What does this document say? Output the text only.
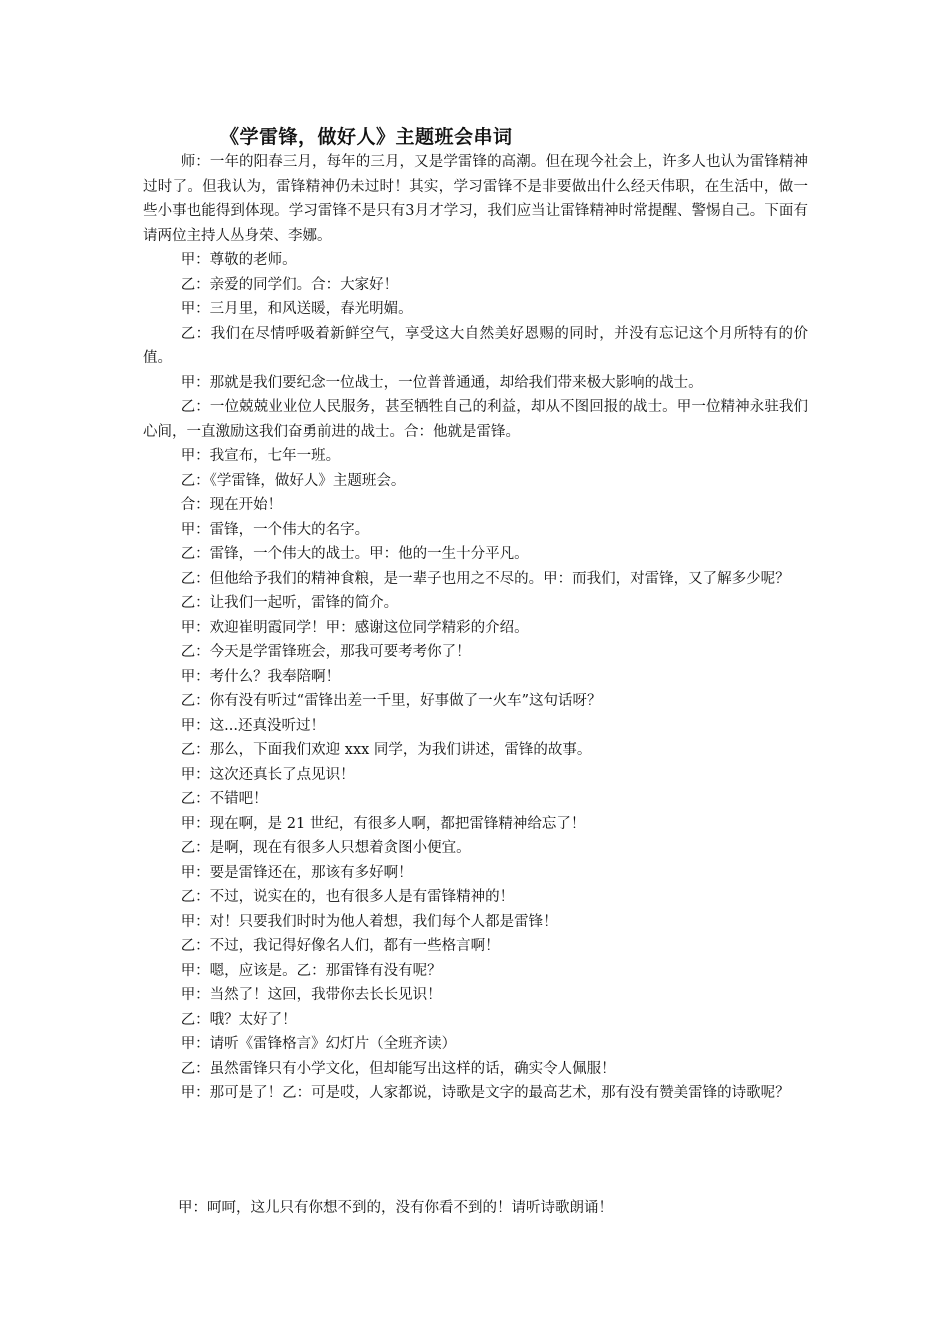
《学雷锋，做好人》主题班会串词

师：一年的阳春三月，每年的三月，又是学雷锋的高潮。但在现今社会上，许多人也认为雷锋精神过时了。但我认为，雷锋精神仍未过时！其实，学习雷锋不是非要做出什么经天伟职，在生活中，做一些小事也能得到体现。学习雷锋不是只有3月才学习，我们应当让雷锋精神时常提醒、警惕自己。下面有请两位主持人丛身荣、李娜。

甲：尊敬的老师。

乙：亲爱的同学们。合：大家好！

甲：三月里，和风送暖，春光明媚。

乙：我们在尽情呼吸着新鲜空气，享受这大自然美好恩赐的同时，并没有忘记这个月所特有的价值。

甲：那就是我们要纪念一位战士，一位普普通通，却给我们带来极大影响的战士。

乙：一位兢兢业业位人民服务，甚至牺牲自己的利益，却从不图回报的战士。甲一位精神永驻我们心间，一直激励这我们奋勇前进的战士。合：他就是雷锋。

甲：我宣布，七年一班。

乙：《学雷锋，做好人》主题班会。

合：现在开始！

甲：雷锋，一个伟大的名字。

乙：雷锋，一个伟大的战士。甲：他的一生十分平凡。

乙：但他给予我们的精神食粮，是一辈子也用之不尽的。甲：而我们，对雷锋，又了解多少呢？

乙：让我们一起听，雷锋的简介。

甲：欢迎崔明霞同学！甲：感谢这位同学精彩的介绍。

乙：今天是学雷锋班会，那我可要考考你了！

甲：考什么？我奉陪啊！

乙：你有没有听过“雷锋出差一千里，好事做了一火车”这句话呀？

甲：这...还真没听过！

乙：那么，下面我们欢迎 xxx 同学，为我们讲述，雷锋的故事。

甲：这次还真长了点见识！

乙：不错吧！

甲：现在啊，是 21 世纪，有很多人啊，都把雷锋精神给忘了！

乙：是啊，现在有很多人只想着贪图小便宜。

甲：要是雷锋还在，那该有多好啊！

乙：不过，说实在的，也有很多人是有雷锋精神的！

甲：对！只要我们时时为他人着想，我们每个人都是雷锋！

乙：不过，我记得好像名人们，都有一些格言啊！

甲：嗯，应该是。乙：那雷锋有没有呢？

甲：当然了！这回，我带你去长长见识！

乙：哦？太好了！

甲：请听《雷锋格言》幻灯片（全班齐读）

乙：虽然雷锋只有小学文化，但却能写出这样的话，确实令人佩服！

甲：那可是了！乙：可是哎，人家都说，诗歌是文字的最高艺术，那有没有赞美雷锋的诗歌呢？

甲：呵呵，这儿只有你想不到的，没有你看不到的！请听诗歌朗诵！
